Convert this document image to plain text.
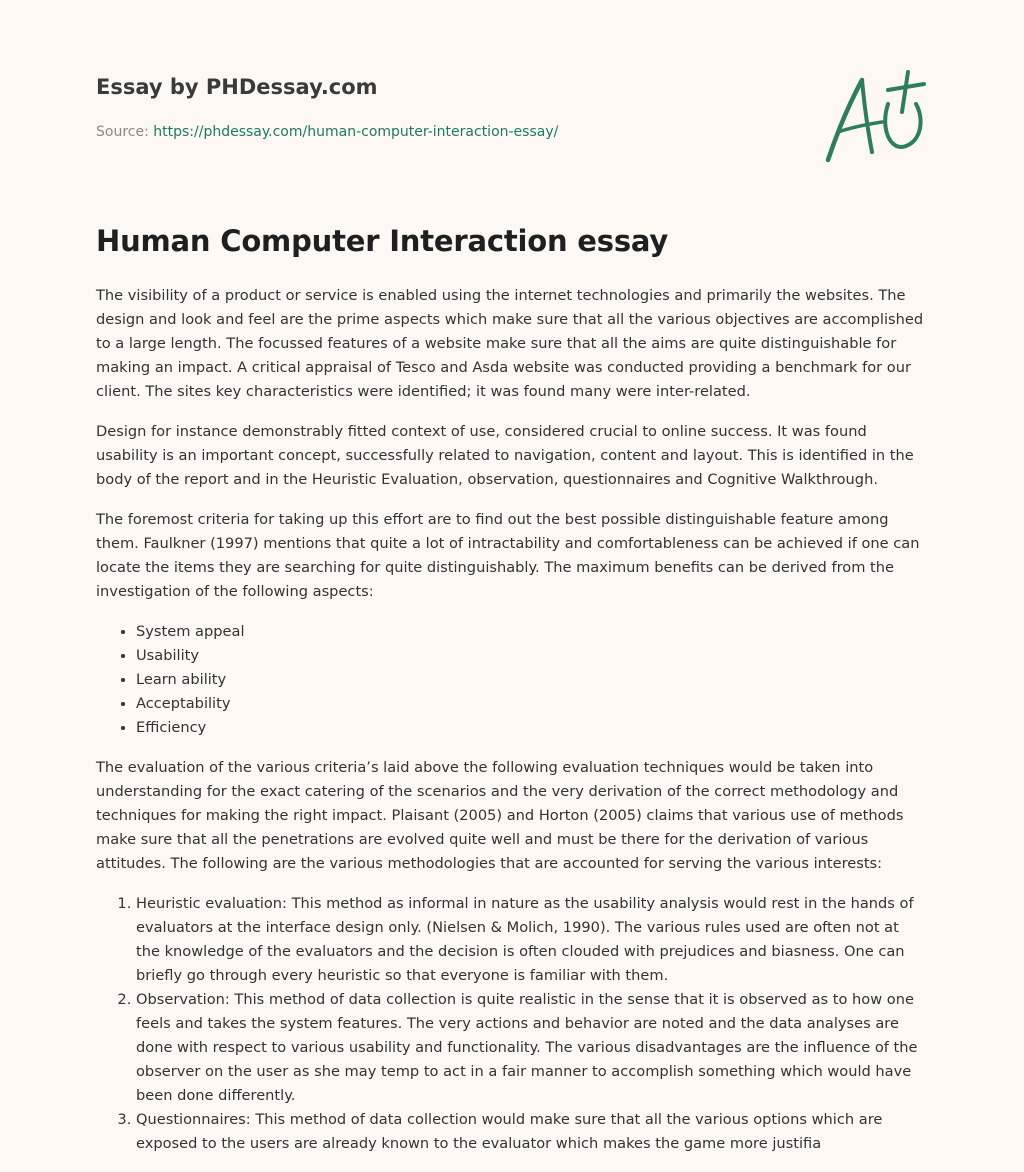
Essay by PHDessay.com
Source: https://phdessay.com/human-computer-interaction-essay/
Human Computer Interaction essay

The visibility of a product or service is enabled using the internet technologies and primarily the websites. The design and look and feel are the prime aspects which make sure that all the various objectives are accomplished to a large length. The focussed features of a website make sure that all the aims are quite distinguishable for making an impact. A critical appraisal of Tesco and Asda website was conducted providing a benchmark for our client. The sites key characteristics were identified; it was found many were inter-related.

Design for instance demonstrably fitted context of use, considered crucial to online success. It was found usability is an important concept, successfully related to navigation, content and layout. This is identified in the body of the report and in the Heuristic Evaluation, observation, questionnaires and Cognitive Walkthrough.

The foremost criteria for taking up this effort are to find out the best possible distinguishable feature among them. Faulkner (1997) mentions that quite a lot of intractability and comfortableness can be achieved if one can locate the items they are searching for quite distinguishably. The maximum benefits can be derived from the investigation of the following aspects:

• System appeal
• Usability
• Learn ability
• Acceptability
• Efficiency

The evaluation of the various criteria’s laid above the following evaluation techniques would be taken into understanding for the exact catering of the scenarios and the very derivation of the correct methodology and techniques for making the right impact. Plaisant (2005) and Horton (2005) claims that various use of methods make sure that all the penetrations are evolved quite well and must be there for the derivation of various attitudes. The following are the various methodologies that are accounted for serving the various interests:

1. Heuristic evaluation: This method as informal in nature as the usability analysis would rest in the hands of evaluators at the interface design only. (Nielsen & Molich, 1990). The various rules used are often not at the knowledge of the evaluators and the decision is often clouded with prejudices and biasness. One can briefly go through every heuristic so that everyone is familiar with them.
2. Observation: This method of data collection is quite realistic in the sense that it is observed as to how one feels and takes the system features. The very actions and behavior are noted and the data analyses are done with respect to various usability and functionality. The various disadvantages are the influence of the observer on the user as she may temp to act in a fair manner to accomplish something which would have been done differently.
3. Questionnaires: This method of data collection would make sure that all the various options which are exposed to the users are already known to the evaluator which makes the game more justifia
